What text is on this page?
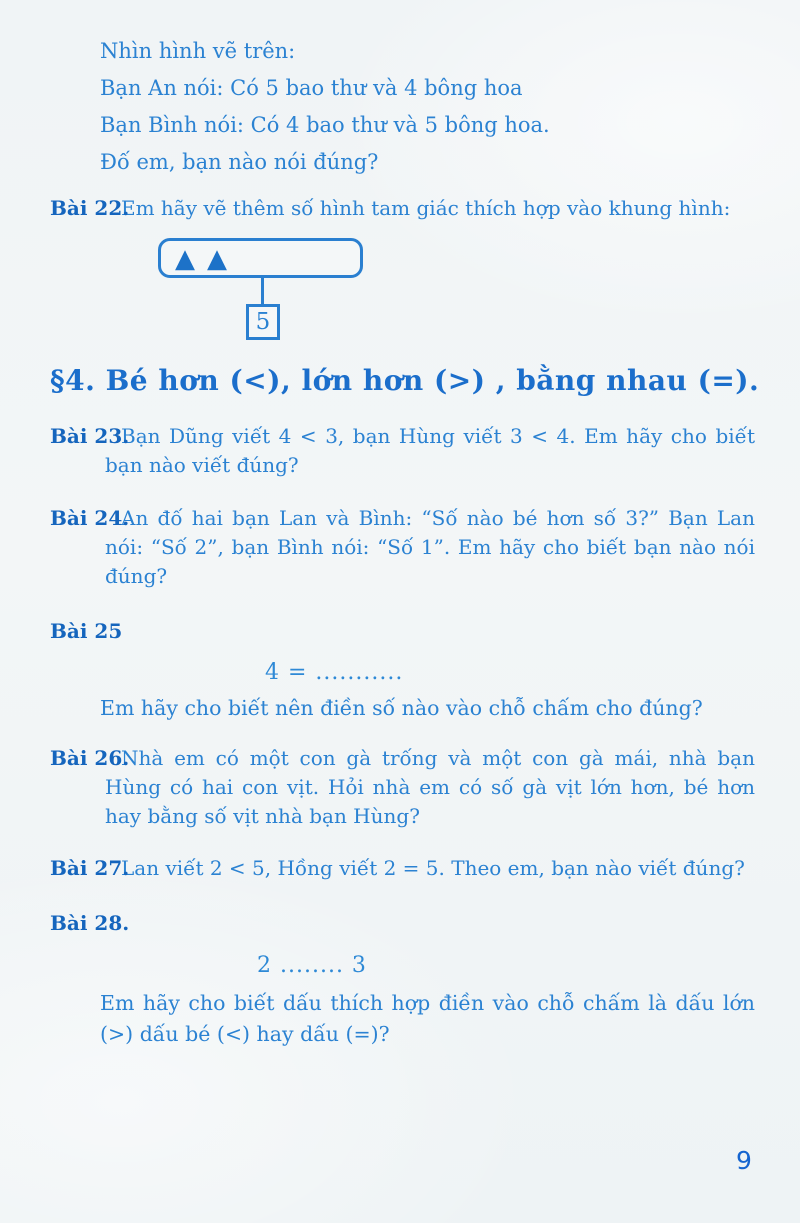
Nhìn hình vẽ trên:
Bạn An nói: Có 5 bao thư và 4 bông hoa
Bạn Bình nói: Có 4 bao thư và 5 bông hoa.
Đố em, bạn nào nói đúng?
Bài 22.
Em hãy vẽ thêm số hình tam giác thích hợp vào khung hình:
▲▲
5
§4. Bé hơn (<), lớn hơn (>) , bằng nhau (=).
Bài 23.
Bạn Dũng viết 4 < 3, bạn Hùng viết 3 < 4. Em hãy cho biết bạn nào viết đúng?
Bài 24.
An đố hai bạn Lan và Bình: “Số nào bé hơn số 3?” Bạn Lan nói: “Số 2”, bạn Bình nói: “Số 1”. Em hãy cho biết bạn nào nói đúng?
Bài 25
4 = ...........
Em hãy cho biết nên điền số nào vào chỗ chấm cho đúng?
Bài 26.
Nhà em có một con gà trống và một con gà mái, nhà bạn Hùng có hai con vịt. Hỏi nhà em có số gà vịt lớn hơn, bé hơn hay bằng số vịt nhà bạn Hùng?
Bài 27.
Lan viết 2 < 5, Hồng viết 2 = 5. Theo em, bạn nào viết đúng?
Bài 28.
2 ........ 3
Em hãy cho biết dấu thích hợp điền vào chỗ chấm là dấu lớn (>) dấu bé (<) hay dấu (=)?
9
